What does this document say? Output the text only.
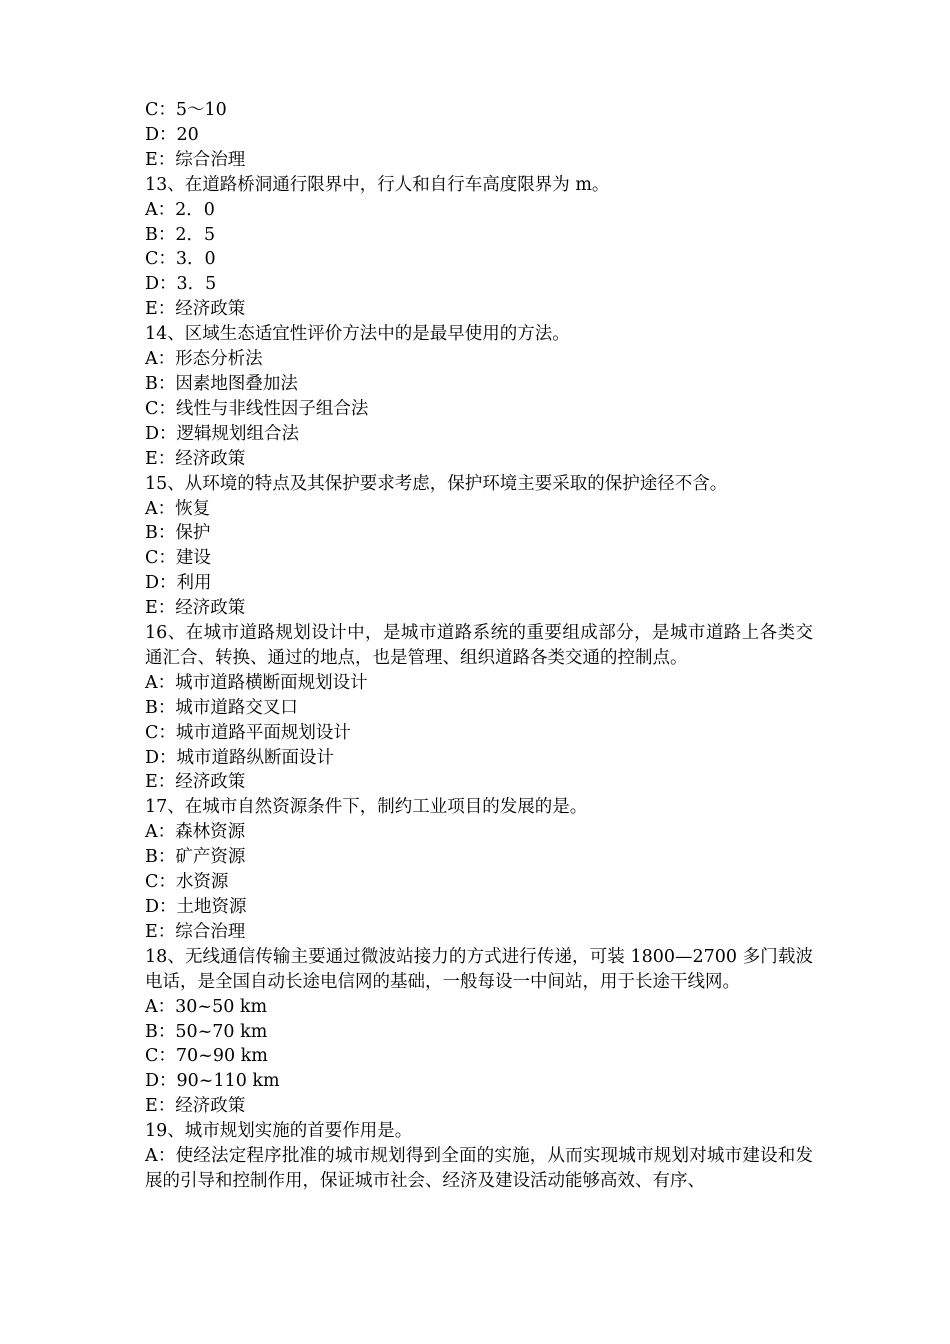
C：5～10

D：20

E：综合治理

13、在道路桥洞通行限界中，行人和自行车高度限界为 m。

A：2．0

B：2．5

C：3．0

D：3．5

E：经济政策

14、区域生态适宜性评价方法中的是最早使用的方法。

A：形态分析法

B：因素地图叠加法

C：线性与非线性因子组合法

D：逻辑规划组合法

E：经济政策

15、从环境的特点及其保护要求考虑，保护环境主要采取的保护途径不含。

A：恢复

B：保护

C：建设

D：利用

E：经济政策

16、在城市道路规划设计中，是城市道路系统的重要组成部分，是城市道路上各类交通汇合、转换、通过的地点，也是管理、组织道路各类交通的控制点。

A：城市道路横断面规划设计

B：城市道路交叉口

C：城市道路平面规划设计

D：城市道路纵断面设计

E：经济政策

17、在城市自然资源条件下，制约工业项目的发展的是。

A：森林资源

B：矿产资源

C：水资源

D：土地资源

E：综合治理

18、无线通信传输主要通过微波站接力的方式进行传递，可装 1800—2700 多门载波电话，是全国自动长途电信网的基础，一般每设一中间站，用于长途干线网。

A：30~50 km

B：50~70 km

C：70~90 km

D：90~110 km

E：经济政策

19、城市规划实施的首要作用是。

A：使经法定程序批准的城市规划得到全面的实施，从而实现城市规划对城市建设和发展的引导和控制作用，保证城市社会、经济及建设活动能够高效、有序、
